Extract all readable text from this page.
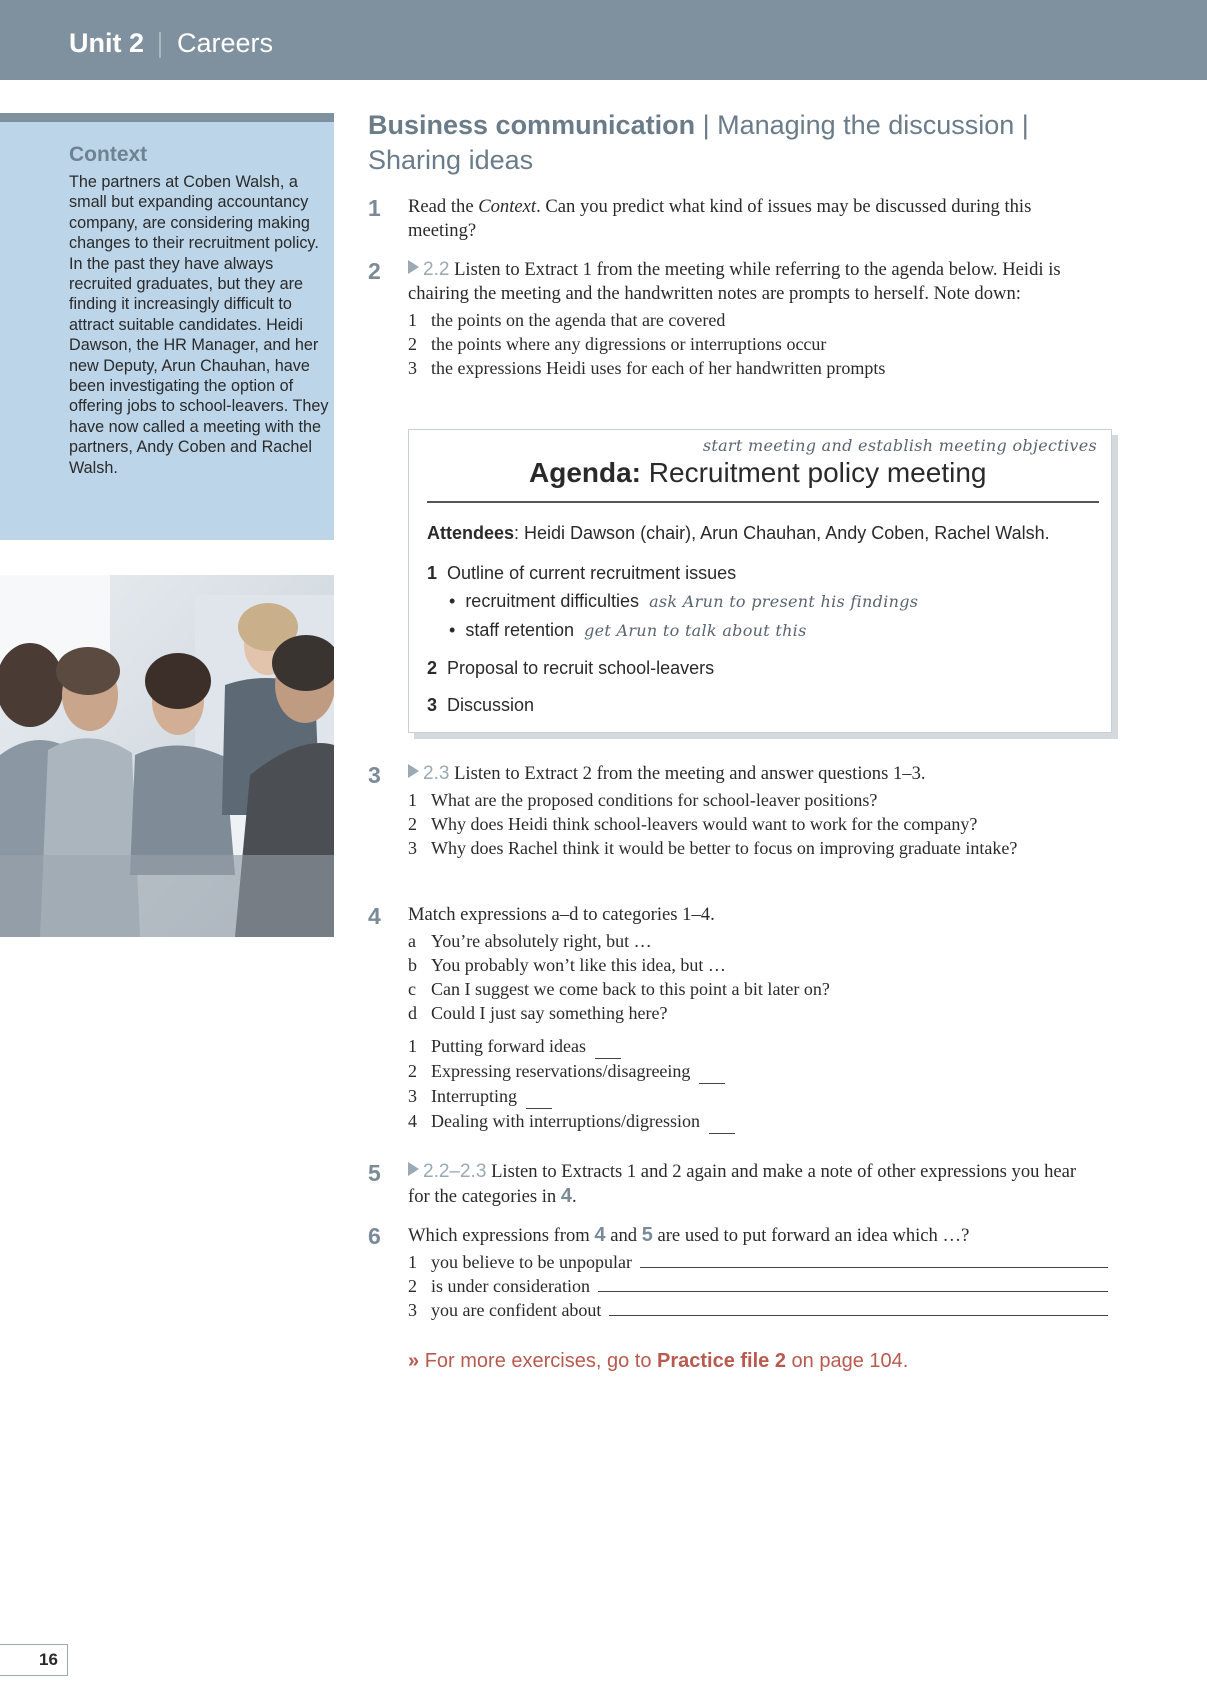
Unit 2 Careers
Context
The partners at Coben Walsh, a small but expanding accountancy company, are considering making changes to their recruitment policy. In the past they have always recruited graduates, but they are finding it increasingly difficult to attract suitable candidates. Heidi Dawson, the HR Manager, and her new Deputy, Arun Chauhan, have been investigating the option of offering jobs to school-leavers. They have now called a meeting with the partners, Andy Coben and Rachel Walsh.
Business communication | Managing the discussion | Sharing ideas
1 Read the Context. Can you predict what kind of issues may be discussed during this meeting?
2	2.2 Listen to Extract 1 from the meeting while referring to the agenda below. Heidi is chairing the meeting and the handwritten notes are prompts to herself. Note down:
1 the points on the agenda that are covered
2 the points where any digressions or interruptions occur
3 the expressions Heidi uses for each of her handwritten prompts
start meeting and establish meeting objectives
Agenda: Recruitment policy meeting
Attendees: Heidi Dawson (chair), Arun Chauhan, Andy Coben, Rachel Walsh.
1 Outline of current recruitment issues
•  recruitment difficulties ask Arun to present his findings
•  staff retention get Arun to talk about this
2 Proposal to recruit school-leavers
3 Discussion
3	2.3 Listen to Extract 2 from the meeting and answer questions 1–3.
1 What are the proposed conditions for school-leaver positions?
2 Why does Heidi think school-leavers would want to work for the company?
3 Why does Rachel think it would be better to focus on improving graduate intake?
4 Match expressions a–d to categories 1–4.
a You’re absolutely right, but …
b You probably won’t like this idea, but …
c Can I suggest we come back to this point a bit later on?
d Could I just say something here?
1 Putting forward ideas
2 Expressing reservations/disagreeing
3 Interrupting
4 Dealing with interruptions/digression
5	2.2–2.3 Listen to Extracts 1 and 2 again and make a note of other expressions you hear for the categories in 4.
6 Which expressions from 4 and 5 are used to put forward an idea which …?
1 you believe to be unpopular
2 is under consideration
3 you are confident about
» For more exercises, go to Practice file 2 on page 104.
16
